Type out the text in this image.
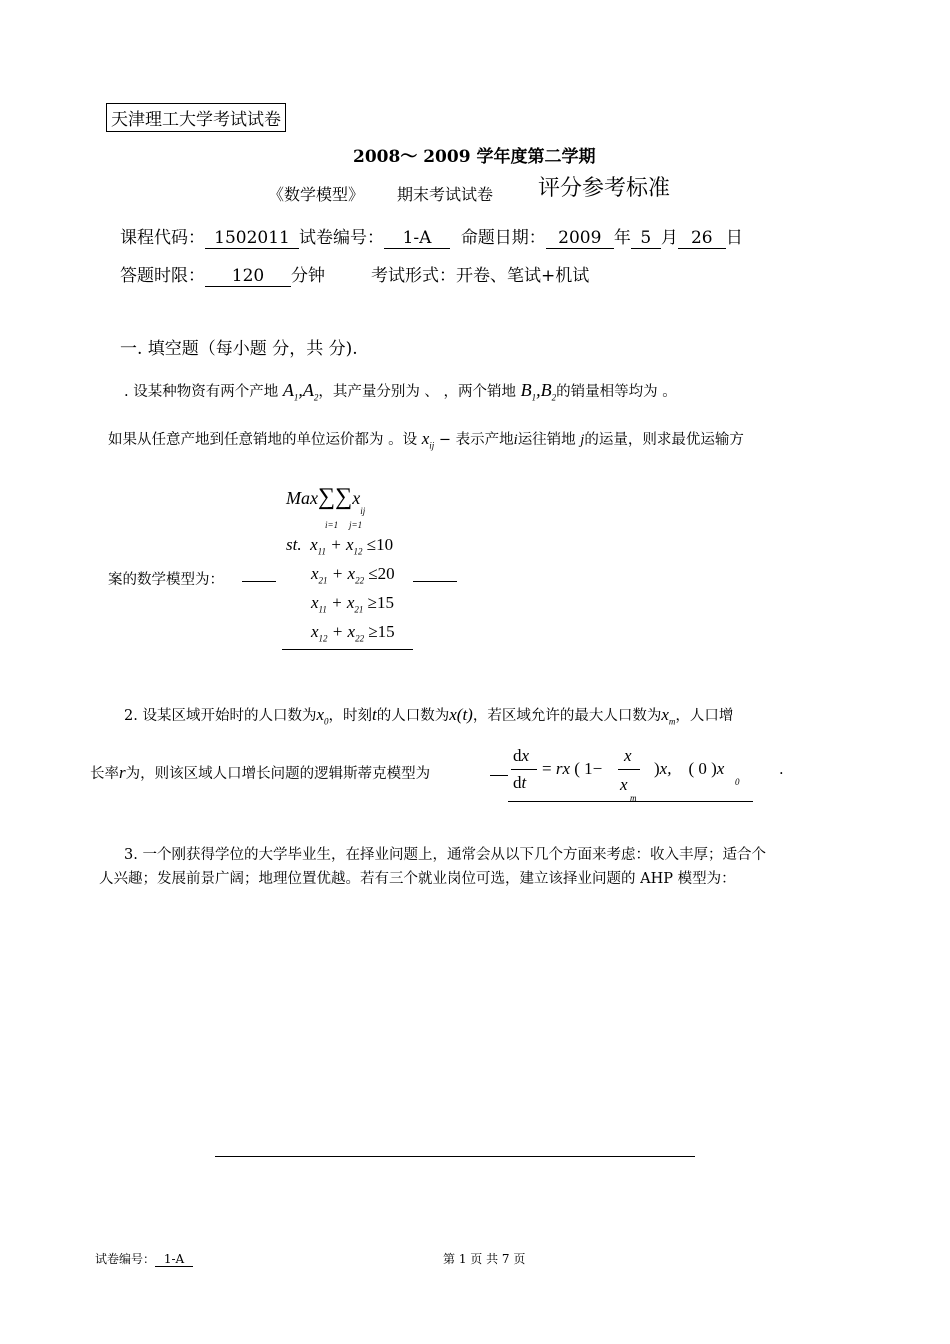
天津理工大学考试试卷
2008～ 2009 学年度第二学期
《数学模型》 期末考试试卷 评分参考标准
课程代码： 1502011 试卷编号： 1-A 命题日期： 2009 年 5 月 26 日
答题时限： 120 分钟	考试形式：开卷、笔试+机试
一. 填空题（每小题 分，共 分).
. 设某种物资有两个产地 $A_1,A_2$，其产量分别为 、 ，两个销地 $B_1,B_2$的销量相等均为 。
如果从任意产地到任意销地的单位运价都为 。设 $x_{ij}$ − 表示产地i运往销地 j的运量，则求最优运输方
$Max\sum\sum x_{ij}$
i=1 j=1
st.  $x_{11} + x_{12} \le 10$
$x_{21} + x_{22} \le 20$
$x_{11} + x_{21} \ge 15$
$x_{12} + x_{22} \ge 15$
案的数学模型为：
2. 设某区域开始时的人口数为$x_0$，时刻t的人口数为x(t)，若区域允许的最大人口数为$x_m$，人口增
长率r为，则该区域人口增长问题的逻辑斯蒂克模型为
dx
dt
= rx ( 1−
x
x
m
)x,    ( 0 )x
0
.
3. 一个刚获得学位的大学毕业生，在择业问题上，通常会从以下几个方面来考虑：收入丰厚；适合个
人兴趣；发展前景广阔；地理位置优越。若有三个就业岗位可选，建立该择业问题的 AHP 模型为：
试卷编号： 1-A	第 1 页 共 7 页
